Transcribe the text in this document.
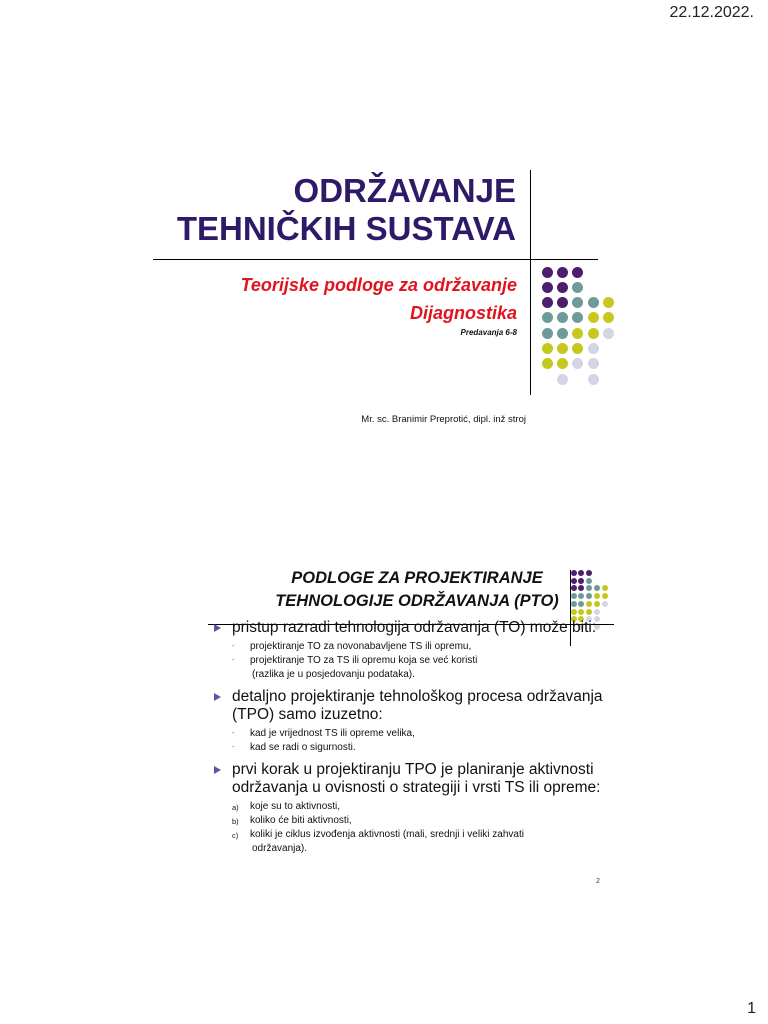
22.12.2022.
ODRŽAVANJE
TEHNIČKIH SUSTAVA
Teorijske podloge za održavanje
Dijagnostika
Predavanja 6-8
Mr. sc. Branimir Preprotić, dipl. inž stroj
PODLOGE ZA PROJEKTIRANJE
TEHNOLOGIJE ODRŽAVANJA (PTO)
pristup razradi tehnologija održavanja (TO) može biti:
- projektiranje TO za novonabavljene TS ili opremu,
- projektiranje TO za TS ili opremu koja se već koristi
(razlika je u posjedovanju podataka).
detaljno projektiranje tehnološkog procesa održavanja (TPO) samo izuzetno:
- kad je vrijednost TS ili opreme velika,
- kad se radi o sigurnosti.
prvi korak u projektiranju TPO je planiranje aktivnosti održavanja u ovisnosti o strategiji i vrsti TS ili opreme:
a) koje su to aktivnosti,
b) koliko će biti aktivnosti,
c) koliki je ciklus izvođenja aktivnosti (mali, srednji i veliki zahvati
održavanja).
2
1
